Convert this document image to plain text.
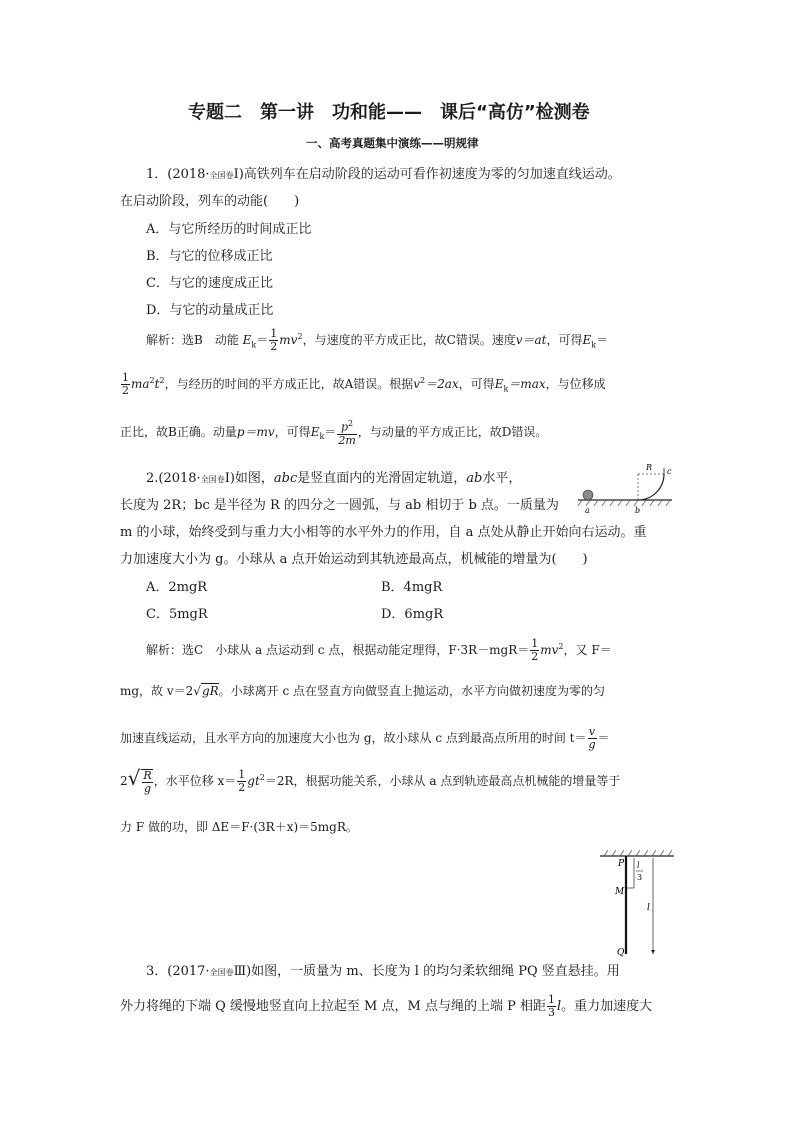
专题二　第一讲　功和能——　课后“高仿”检测卷
一、高考真题集中演练——明规律
1．(2018·全国卷Ⅰ)高铁列车在启动阶段的运动可看作初速度为零的匀加速直线运动。
在启动阶段，列车的动能(　　)
A．与它所经历的时间成正比
B．与它的位移成正比
C．与它的速度成正比
D．与它的动量成正比
解析：选B　动能 $E_k= \frac{1}{2} mv^2$，与速度的平方成正比，故C错误。速度v＝at，可得$E_k=$
$\frac{1}{2} ma^2t^2$，与经历的时间的平方成正比，故A错误。根据$v^2=2ax$，可得$E_k=\max$，与位移成
正比，故B正确。动量p＝mv，可得$E_k= \frac{p^2}{2m}$ ，与动量的平方成正比，故D错误。
2.(2018·全国卷Ⅰ)如图，abc是竖直面内的光滑固定轨道，ab水平，
长度为 2R；bc 是半径为 R 的四分之一圆弧，与 ab 相切于 b 点。一质量为
m 的小球，始终受到与重力大小相等的水平外力的作用，自 a 点处从静止开始向右运动。重
力加速度大小为 g。小球从 a 点开始运动到其轨迹最高点，机械能的增量为(　　)
A．2mgR	B．4mgR
C．5mgR	D．6mgR
R c
a	b
解析：选C　小球从 a 点运动到 c 点，根据动能定理得，$F\cdot 3R-mgR= \frac{1}{2} mv^2$，又 F＝
mg，故 v＝2√gR。小球离开 c 点在竖直方向做竖直上抛运动，水平方向做初速度为零的匀
加速直线运动，且水平方向的加速度大小也为 g，故小球从 c 点到最高点所用的时间 $t= \frac{v}{g}$ ＝
$2√ \frac{R}{g}$ ，水平位移 $x= \frac{1}{2} gt^2=2R$，根据功能关系，小球从 a 点到轨迹最高点机械能的增量等于
力 F 做的功，即 ΔE＝F·(3R＋x)＝5mgR。
P
M
Q
l
3
l
3．(2017·全国卷Ⅲ)如图，一质量为 m、长度为 l 的均匀柔软细绳 PQ 竖直悬挂。用
外力将绳的下端 Q 缓慢地竖直向上拉起至 M 点，M 点与绳的上端 P 相距 $\frac{1}{3}$ l。重力加速度大
